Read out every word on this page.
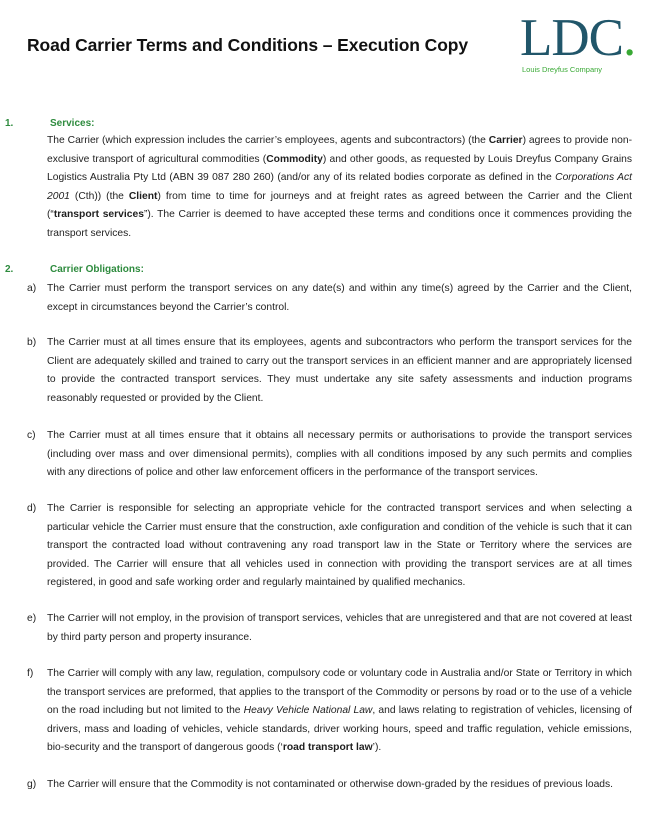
Road Carrier Terms and Conditions – Execution Copy LDC.
Louis Dreyfus Company
1.	Services:
The Carrier (which expression includes the carrier’s employees, agents and subcontractors) (the Carrier) agrees to provide non-exclusive transport of agricultural commodities (Commodity) and other goods, as requested by Louis Dreyfus Company Grains Logistics Australia Pty Ltd (ABN 39 087 280 260) (and/or any of its related bodies corporate as defined in the Corporations Act 2001 (Cth)) (the Client) from time to time for journeys and at freight rates as agreed between the Carrier and the Client (“transport services”). The Carrier is deemed to have accepted these terms and conditions once it commences providing the transport services.
2.	Carrier Obligations:
a) The Carrier must perform the transport services on any date(s) and within any time(s) agreed by the Carrier and the Client, except in circumstances beyond the Carrier’s control.
b) The Carrier must at all times ensure that its employees, agents and subcontractors who perform the transport services for the Client are adequately skilled and trained to carry out the transport services in an efficient manner and are appropriately licensed to provide the contracted transport services. They must undertake any site safety assessments and induction programs reasonably requested or provided by the Client.
c) The Carrier must at all times ensure that it obtains all necessary permits or authorisations to provide the transport services (including over mass and over dimensional permits), complies with all conditions imposed by any such permits and complies with any directions of police and other law enforcement officers in the performance of the transport services.
d) The Carrier is responsible for selecting an appropriate vehicle for the contracted transport services and when selecting a particular vehicle the Carrier must ensure that the construction, axle configuration and condition of the vehicle is such that it can transport the contracted load without contravening any road transport law in the State or Territory where the services are provided. The Carrier will ensure that all vehicles used in connection with providing the transport services are at all times registered, in good and safe working order and regularly maintained by qualified mechanics.
e) The Carrier will not employ, in the provision of transport services, vehicles that are unregistered and that are not covered at least by third party person and property insurance.
f) The Carrier will comply with any law, regulation, compulsory code or voluntary code in Australia and/or State or Territory in which the transport services are preformed, that applies to the transport of the Commodity or persons by road or to the use of a vehicle on the road including but not limited to the Heavy Vehicle National Law, and laws relating to registration of vehicles, licensing of drivers, mass and loading of vehicles, vehicle standards, driver working hours, speed and traffic regulation, vehicle emissions, bio-security and the transport of dangerous goods (‘road transport law’).
g) The Carrier will ensure that the Commodity is not contaminated or otherwise down-graded by the residues of previous loads.
